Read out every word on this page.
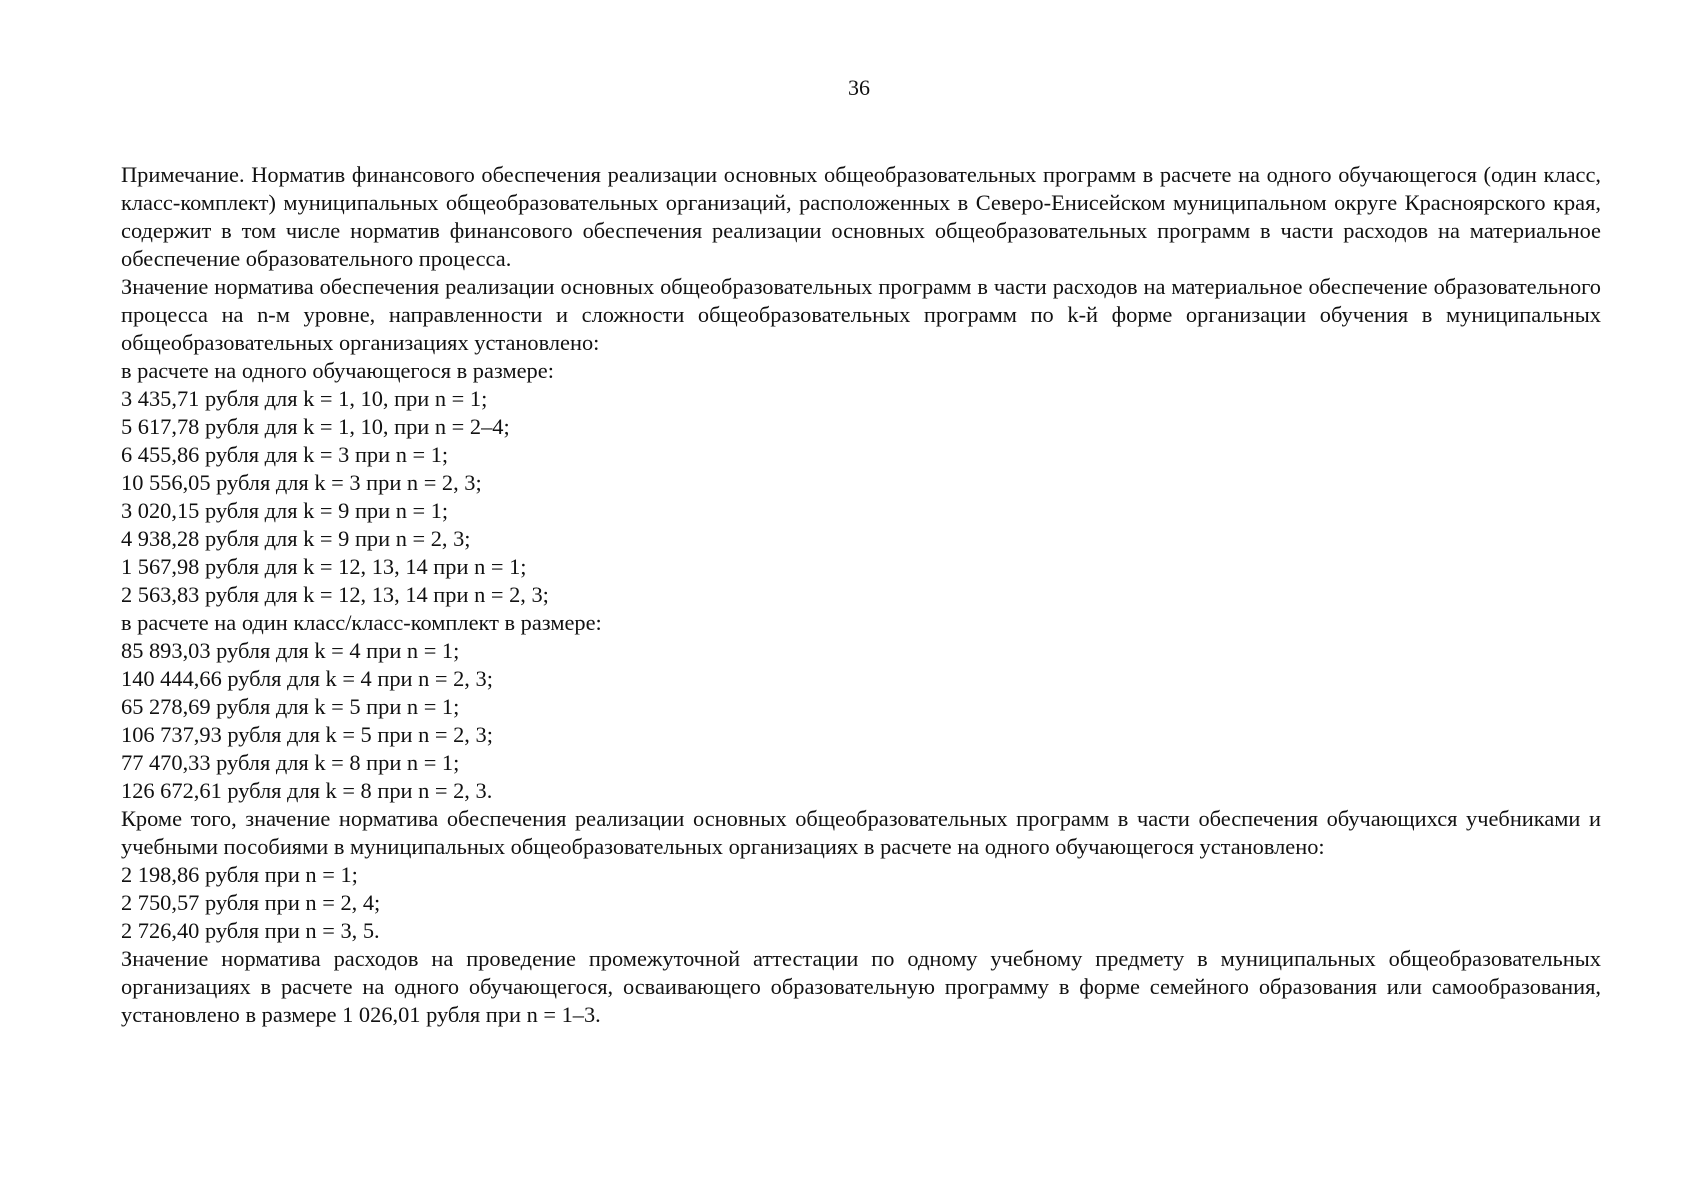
36

Примечание. Норматив финансового обеспечения реализации основных общеобразовательных программ в расчете на одного обучающегося (один класс, класс-комплект) муниципальных общеобразовательных организаций, расположенных в Северо-Енисейском муниципальном округе Красноярского края, содержит в том числе норматив финансового обеспечения реализации основных общеобразовательных программ в части расходов на материальное обеспечение образовательного процесса.

Значение норматива обеспечения реализации основных общеобразовательных программ в части расходов на материальное обеспечение образовательного процесса на n-м уровне, направленности и сложности общеобразовательных программ по k-й форме организации обучения в муниципальных общеобразовательных организациях установлено:

в расчете на одного обучающегося в размере:

3 435,71 рубля для k = 1, 10, при n = 1;

5 617,78 рубля для k = 1, 10, при n = 2–4;

6 455,86 рубля для k = 3 при n = 1;

10 556,05 рубля для k = 3 при n = 2, 3;

3 020,15 рубля для k = 9 при n = 1;

4 938,28 рубля для k = 9 при n = 2, 3;

1 567,98 рубля для k = 12, 13, 14 при n = 1;

2 563,83 рубля для k = 12, 13, 14 при n = 2, 3;

в расчете на один класс/класс-комплект в размере:

85 893,03 рубля для k = 4 при n = 1;

140 444,66 рубля для k = 4 при n = 2, 3;

65 278,69 рубля для k = 5 при n = 1;

106 737,93 рубля для k = 5 при n = 2, 3;

77 470,33 рубля для k = 8 при n = 1;

126 672,61 рубля для k = 8 при n = 2, 3.

Кроме того, значение норматива обеспечения реализации основных общеобразовательных программ в части обеспечения обучающихся учебниками и учебными пособиями в муниципальных общеобразовательных организациях в расчете на одного обучающегося установлено:

2 198,86 рубля при n = 1;

2 750,57 рубля при n = 2, 4;

2 726,40 рубля при n = 3, 5.

Значение норматива расходов на проведение промежуточной аттестации по одному учебному предмету в муниципальных общеобразовательных организациях в расчете на одного обучающегося, осваивающего образовательную программу в форме семейного образования или самообразования, установлено в размере 1 026,01 рубля при n = 1–3.
